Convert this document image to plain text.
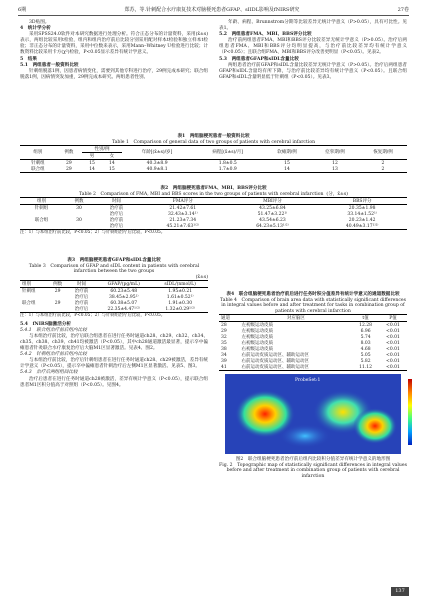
6期	郑苏，等.针刺配合水疗康复技术对脑梗死患者GFAP、sIIDL影响及fNIRS研究	27卷

3D贴图。

4　统计学分析

采用SPSS24.0软件对本研究数据进行处理分析。符合正态分布的计量资料，采用(x̄±s)表示，两组比较采用t检验，组内和组内治疗前后比较分别采用配对样本t检验和独立样本t检验；非正态分布的计量资料，采用中位数来表示，采用Mann–Whitney U检验进行比较；计数资料比较采用卡方(χ²)检验，P<0.05显示差异有统计学意义。

5　结果

5.1　两组患者一般资料比较

针刺组脱落1例，因患者病情变化，需要到其他专科进行治疗，29例完成本研究；联合组脱落1例，因病情突发加重，29例完成本研究。两组患者性别、

年龄、病程、Brunnstrom分期等比较差异无统计学意义（P>0.05），具有可比性。见表1。

5.2　两组患者FMA、MBI、BBS评分比较

治疗前两组患者FMA、MBI和BBS评分比较差异无统计学意义（P>0.05）。治疗后两组患者FMA、MBI和BBS评分均明显提高，与治疗前比较差异均有统计学意义（P<0.05）；且联合组FMA、MBI和BBS评分改善更明显（P<0.05）。见表2。

5.3　两组患者GFAP和sIDL含量比较

两组患者治疗前GFAP和sIDL含量比较差异无统计学意义（P>0.05）。治疗后两组患者GFAP和sIDL含量均有所下降，与治疗前比较差异均有统计学意义（P<0.05）。且联合组GFAP和sIDL含量明显低于针刺组（P<0.05）。见表3。

表1　两组脑梗死患者一般资料比较
Table 1　Comparison of general data of two groups of patients with cerebral infarction
组别	例数	性别/例		年龄[(x̄±s)/岁]	病程[(x̄±s)/月]	软瘫期/例	痉挛期/例	恢复期/例
		男	女					
针刺组	29	15	14	40.3±8.9	1.8±0.5	15	12	2
联合组	29	14	15	40.9±8.1	1.7±0.9	14	13	2
表2　两组脑梗死患者FMA、MBI、BBS评分比较
Table 2　Comparison of FMA, MBI and BBS scores in the two groups of patients with cerebral infarction (分，x̄±s)
组别	例数	时间	FMA评分	MBI评分	BBS评分
针刺组	30	治疗前	21.42±7.61	43.25±6.84	20.35±1.98
		治疗后	32.43±3.14¹⁾	51.47±3.22¹⁾	33.14±1.52¹⁾
联合组	30	治疗前	21.23±7.34	43.54±6.23	20.23±1.42
		治疗后	45.21±7.63¹⁾²⁾	64.23±5.13¹⁾²⁾	40.49±3.17¹⁾²⁾
注：1）与本组治疗前比较，P<0.05；2）与针刺组治疗后比较，P<0.05。
表3　两组脑梗死患者GFAP和sIDL含量比较
Table 3　Comparison of GFAP and sIDL content in patients with cerebral infarction between the two groups
(x̄±s)
组别	例数	时间	GFAP/(pg/mL)	sIDL/(nmol/L)
针刺组	29	治疗前	60.23±5.48	1.95±0.21
		治疗后	38.45±2.95¹⁾	1.61±0.52¹⁾
联合组	29	治疗前	60.38±5.07	1.91±0.30
		治疗后	22.35±4.47¹⁾²⁾	1.32±0.29¹⁾²⁾
注：1）与本组治疗前比较，P<0.05；2）与针刺组治疗后比较，P<0.05。

5.4　fNIRS脑激活分析

5.4.1　联合组治疗前后组内比较

与本组治疗前比较，治疗后联合组患者在进行任务时通道ch28、ch29、ch32、ch34、ch35、ch38、ch39、ch41均被激活（P<0.05），其中ch28通道激活最显著，提示卒中偏瘫患者针灸联合水疗康复治疗后大脑M1区显著激活。见表4、图2。

5.4.2　针刺组治疗前后组内比较

与本组治疗前比较，治疗后针刺组患者在进行任务时通道ch28、ch29被激活，差异有统计学意义（P<0.05），提示卒中偏瘫患者针刺治疗后左侧M1区显著激活。见表5、图3。

5.4.3　治疗后两组组间比较

治疗后患者在进行任务时通道ch28被激活，差异有统计学意义（P<0.05），提示联合组患者M1区积分值高于对照组（P<0.05）。见图4。

表4　联合组脑梗死患者治疗前后进行任务时积分值差异有统计学意义的通道数据比较
Table 4　Comparison of brain area data with statistically significant differences in integral values before and after treatment for tasks in combination group of patients with cerebral infarction
通道	对应脑区	t值	P值
28	左初级运动皮质	12.28	<0.01
29	左初级运动皮质	6.96	<0.01
32	左初级运动皮质	5.74	<0.01
35	右初级运动皮质	8.03	<0.01
38	右初级运动皮质	4.68	<0.01
34	右前运动皮质运动区、辅助运动区	5.05	<0.01
39	右前运动皮质运动区、辅助运动区	5.82	<0.01
41	右前运动皮质运动区、辅助运动区	11.12	<0.01
ProbeSet:1
图2　联合组脑梗死患者治疗前后组内比较积分值差异有统计学意义的地形图
Fig. 2　Topographic map of statistically significant differences in integral values before and after treatment in combination group of patients with cerebral infarction
137
